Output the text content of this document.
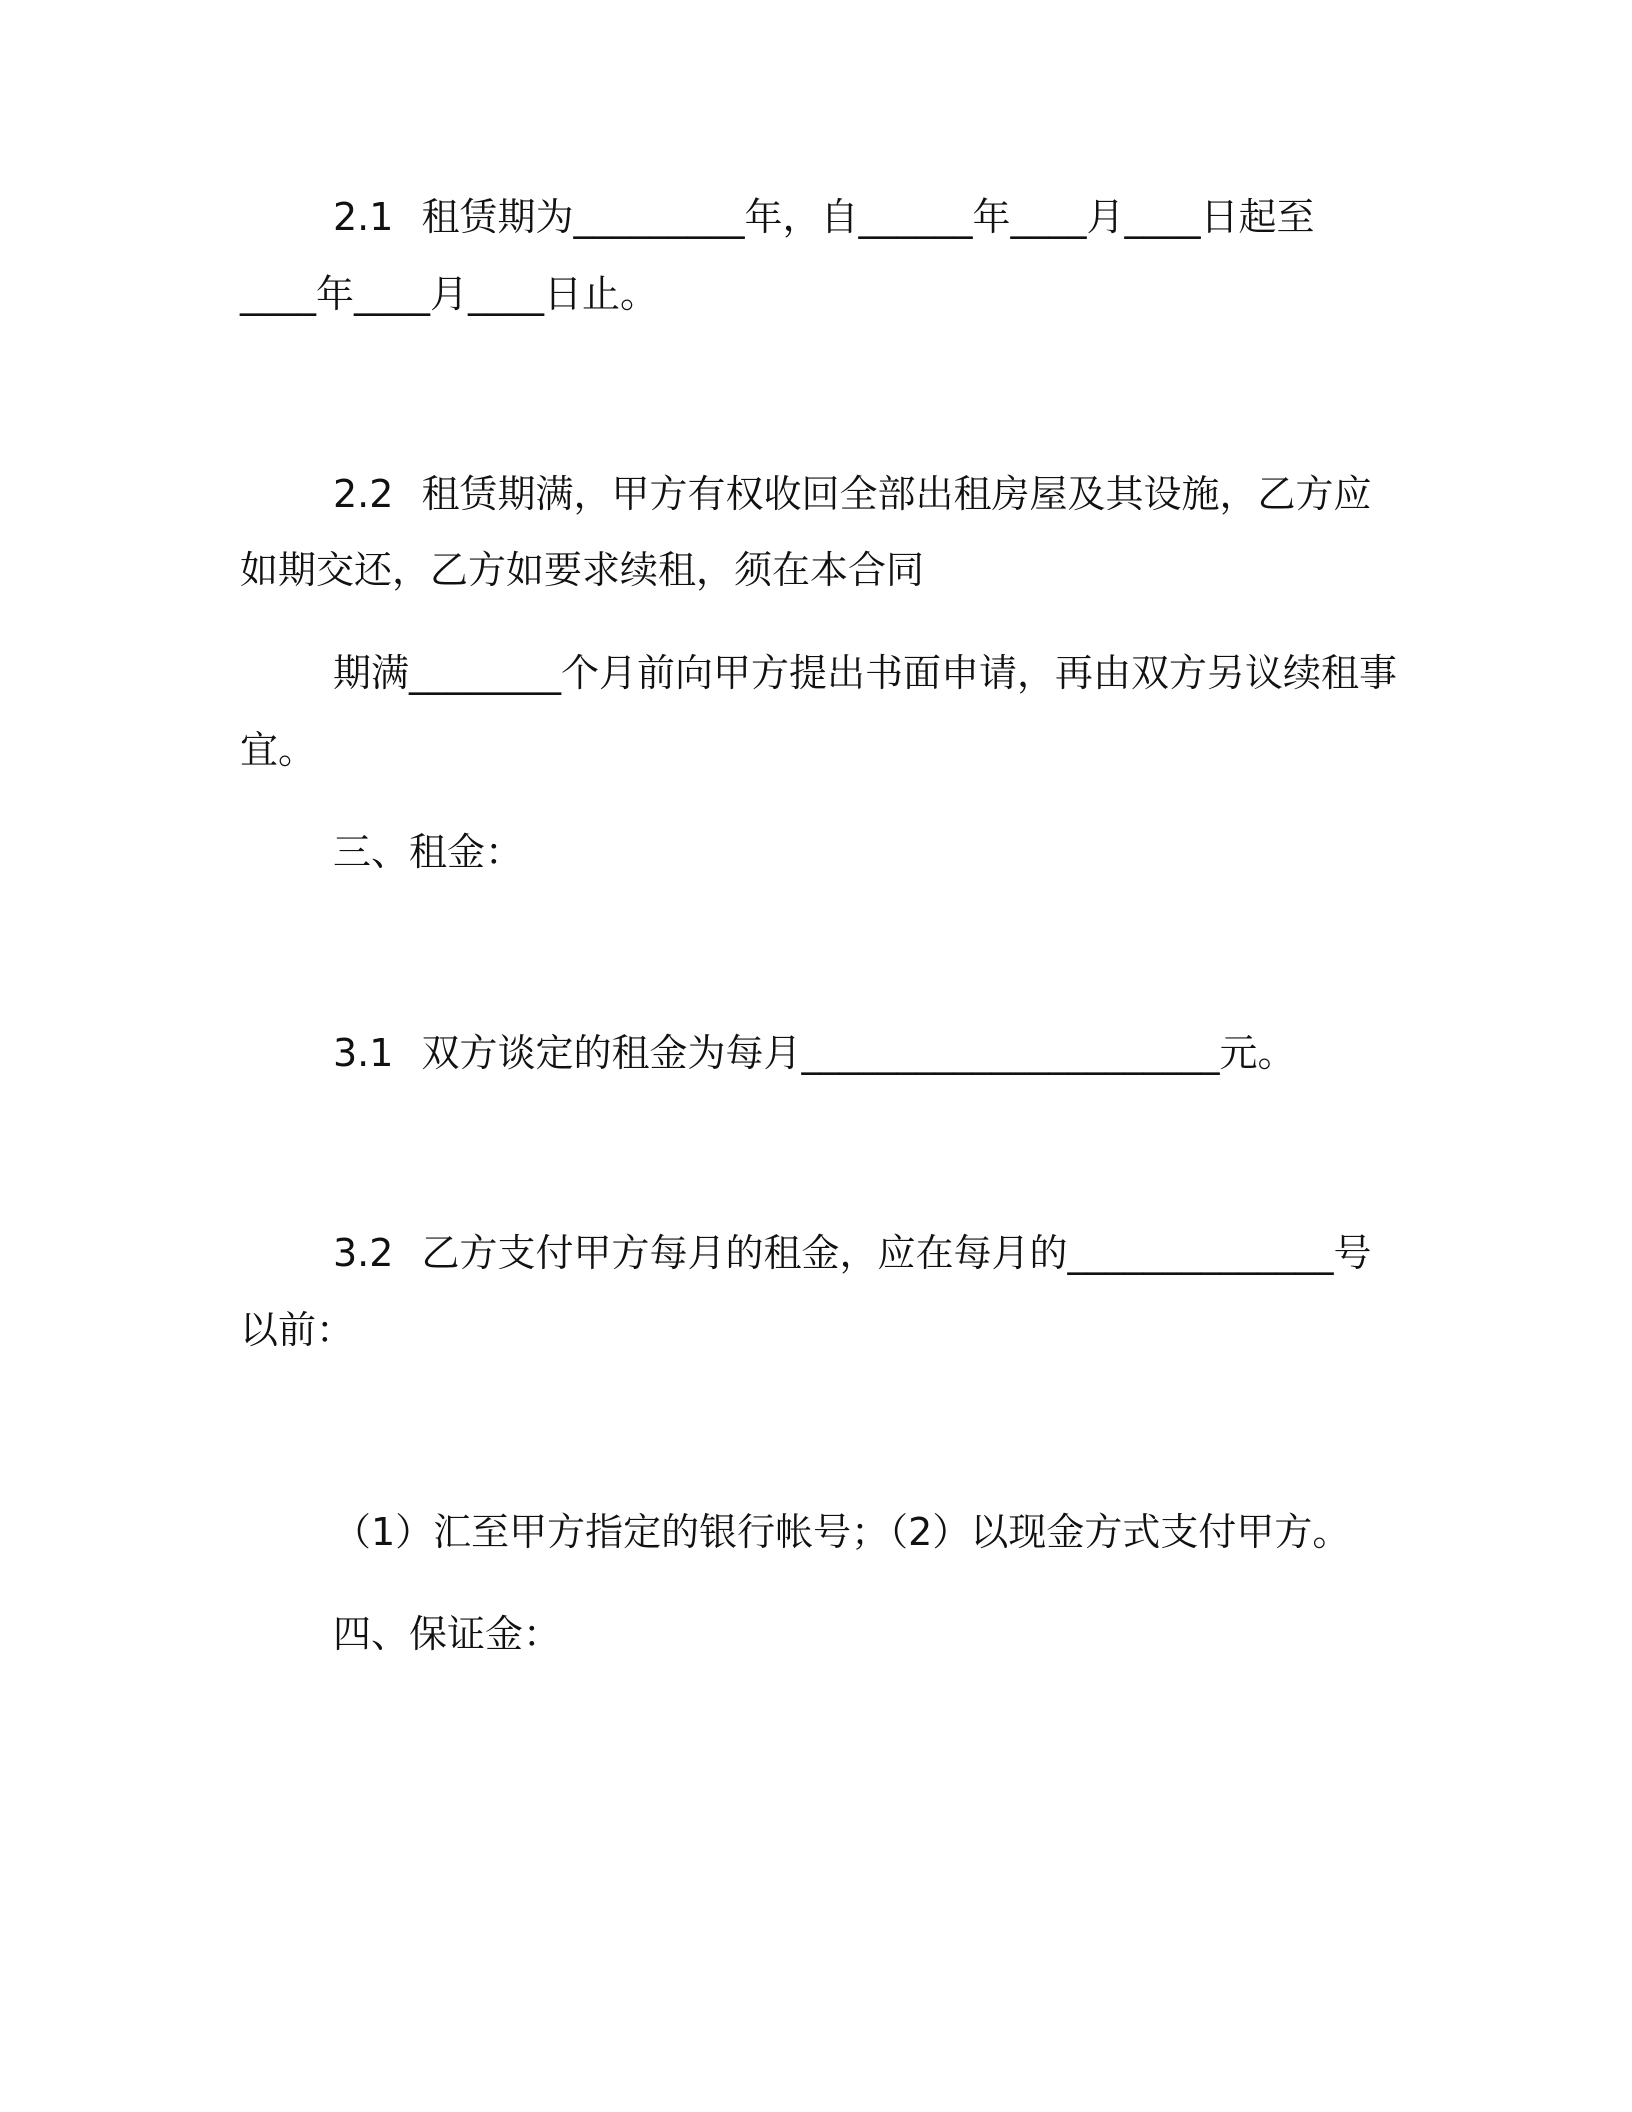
2.1 租赁期为_________年，自______年____月____日起至
____年____月____日止。
2.2 租赁期满，甲方有权收回全部出租房屋及其设施，乙方应
如期交还，乙方如要求续租，须在本合同
期满________个月前向甲方提出书面申请，再由双方另议续租事
宜。
三、租金：
3.1 双方谈定的租金为每月______________________元。
3.2 乙方支付甲方每月的租金，应在每月的______________号
以前：
（1）汇至甲方指定的银行帐号；（2）以现金方式支付甲方。
四、保证金：
